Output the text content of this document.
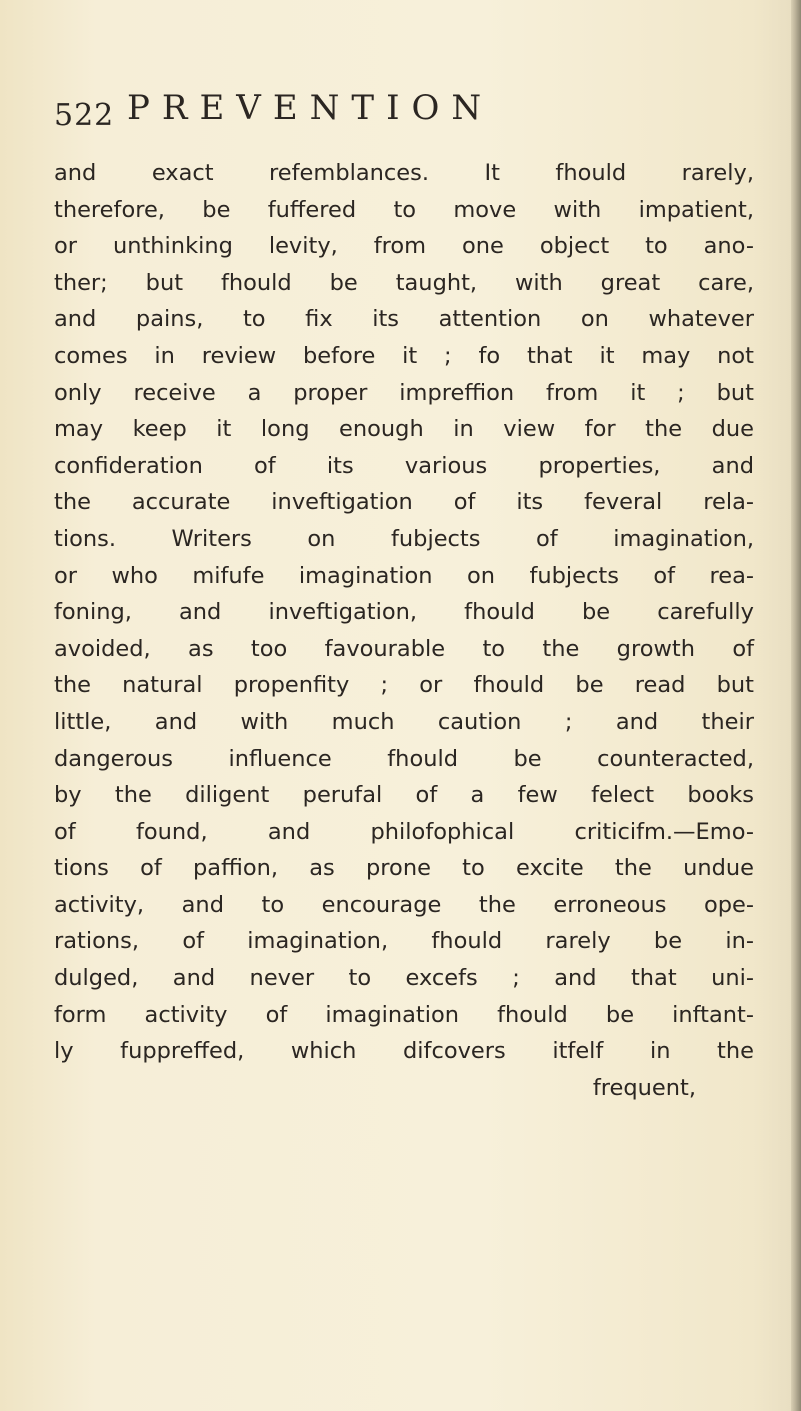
522 PREVENTION
and exact refemblances. It fhould rarely,
therefore, be fuffered to move with impatient,
or unthinking levity, from one object to ano-
ther; but fhould be taught, with great care,
and pains, to fix its attention on whatever
comes in review before it ; fo that it may not
only receive a proper impreffion from it ; but
may keep it long enough in view for the due
confideration of its various properties, and
the accurate inveftigation of its feveral rela-
tions. Writers on fubjects of imagination,
or who mifufe imagination on fubjects of rea-
foning, and inveftigation, fhould be carefully
avoided, as too favourable to the growth of
the natural propenfity ; or fhould be read but
little, and with much caution ; and their
dangerous influence fhould be counteracted,
by the diligent perufal of a few felect books
of found, and philofophical criticifm.—Emo-
tions of paffion, as prone to excite the undue
activity, and to encourage the erroneous ope-
rations, of imagination, fhould rarely be in-
dulged, and never to excefs ; and that uni-
form activity of imagination fhould be inftant-
ly fuppreffed, which difcovers itfelf in the
frequent,
